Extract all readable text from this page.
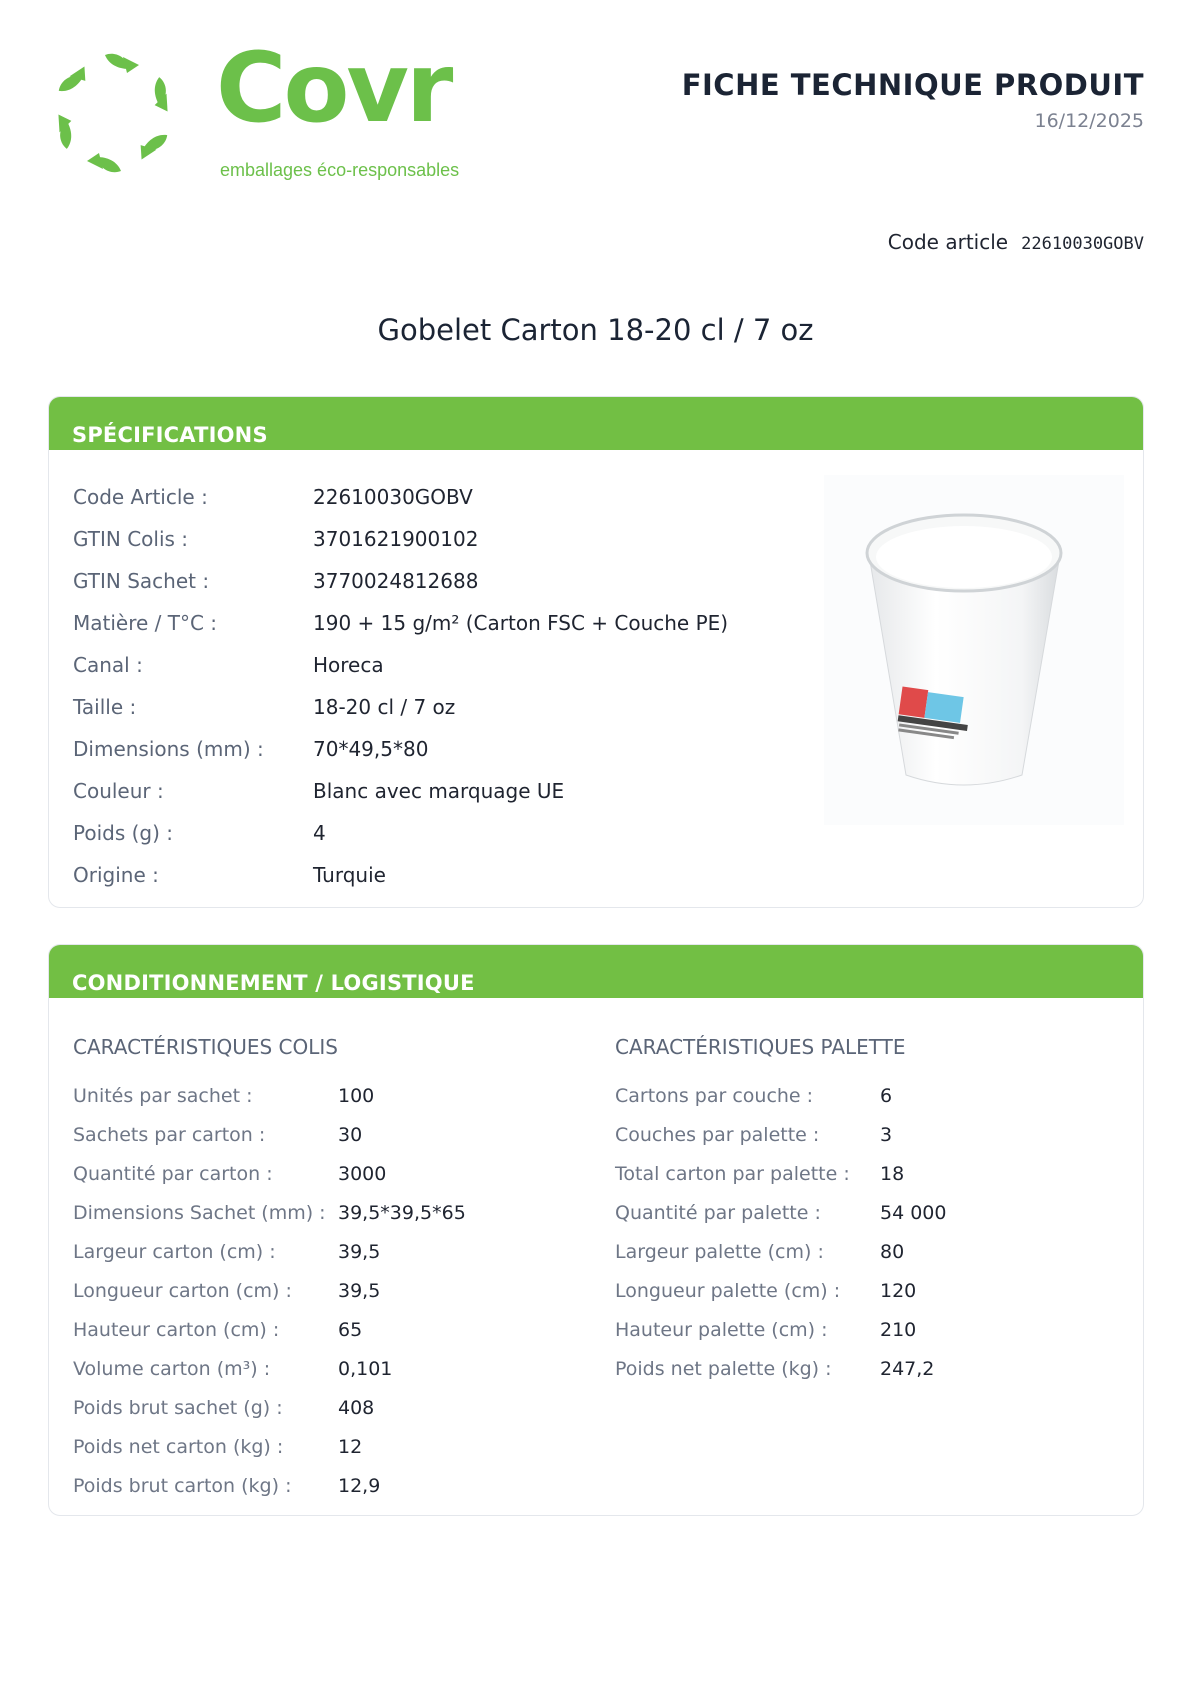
Covr
emballages éco-responsables
FICHE TECHNIQUE PRODUIT
16/12/2025
Code article 22610030GOBV
Gobelet Carton 18-20 cl / 7 oz
SPÉCIFICATIONS
Code Article :	22610030GOBV
GTIN Colis :	3701621900102
GTIN Sachet :	3770024812688
Matière / T°C :	190 + 15 g/m² (Carton FSC + Couche PE)
Canal :	Horeca
Taille :	18-20 cl / 7 oz
Dimensions (mm) : 70*49,5*80
Couleur :	Blanc avec marquage UE
Poids (g) :	4
Origine :	Turquie
CONDITIONNEMENT / LOGISTIQUE
CARACTÉRISTIQUES COLIS
Unités par sachet :	100
Sachets par carton :	30
Quantité par carton :	3000
Dimensions Sachet (mm) : 39,5*39,5*65
Largeur carton (cm) :	39,5
Longueur carton (cm) : 39,5
Hauteur carton (cm) :	65
Volume carton (m³) :	0,101
Poids brut sachet (g) :	408
Poids net carton (kg) :	12
Poids brut carton (kg) : 12,9
CARACTÉRISTIQUES PALETTE
Cartons par couche :	6
Couches par palette :	3
Total carton par palette : 18
Quantité par palette :	54 000
Largeur palette (cm) :	80
Longueur palette (cm) : 120
Hauteur palette (cm) :	210
Poids net palette (kg) :	247,2
